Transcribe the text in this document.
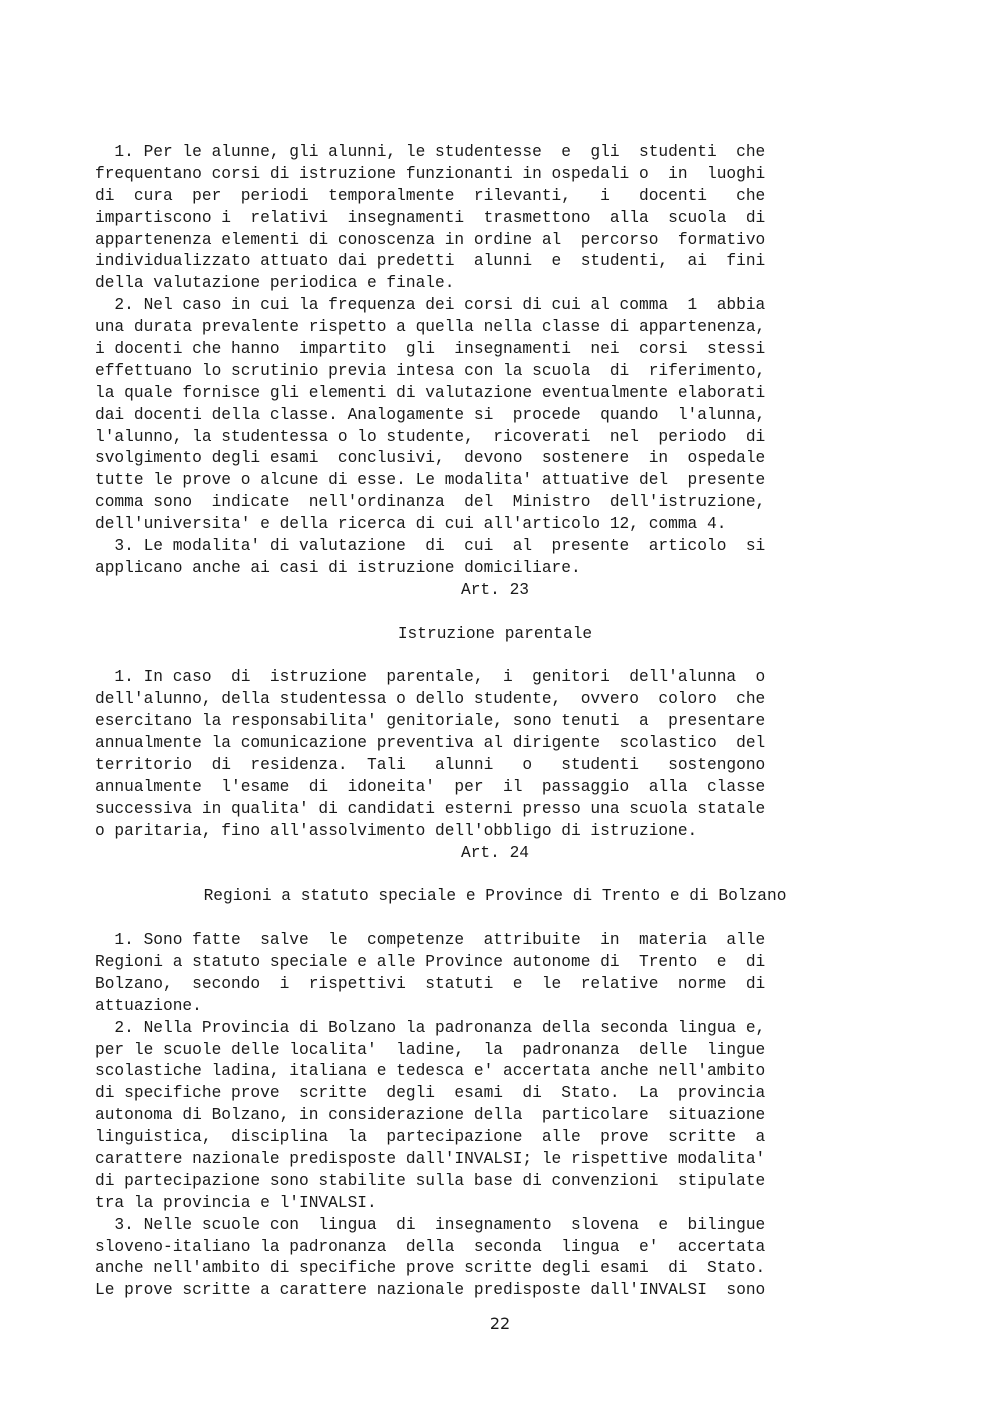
1. Per le alunne, gli alunni, le studentesse  e  gli  studenti  che
frequentano corsi di istruzione funzionanti in ospedali o  in  luoghi
di  cura  per  periodi  temporalmente  rilevanti,   i   docenti   che
impartiscono i  relativi  insegnamenti  trasmettono  alla  scuola  di
appartenenza elementi di conoscenza in ordine al  percorso  formativo
individualizzato attuato dai predetti  alunni  e  studenti,  ai  fini
della valutazione periodica e finale.
2. Nel caso in cui la frequenza dei corsi di cui al comma  1  abbia
una durata prevalente rispetto a quella nella classe di appartenenza,
i docenti che hanno  impartito  gli  insegnamenti  nei  corsi  stessi
effettuano lo scrutinio previa intesa con la scuola  di  riferimento,
la quale fornisce gli elementi di valutazione eventualmente elaborati
dai docenti della classe. Analogamente si  procede  quando  l'alunna,
l'alunno, la studentessa o lo studente,  ricoverati  nel  periodo  di
svolgimento degli esami  conclusivi,  devono  sostenere  in  ospedale
tutte le prove o alcune di esse. Le modalita' attuative del  presente
comma sono  indicate  nell'ordinanza  del  Ministro  dell'istruzione,
dell'universita' e della ricerca di cui all'articolo 12, comma 4.
3. Le modalita' di valutazione  di  cui  al  presente  articolo  si
applicano anche ai casi di istruzione domiciliare.
Art. 23
Istruzione parentale
1. In caso  di  istruzione  parentale,  i  genitori  dell'alunna  o
dell'alunno, della studentessa o dello studente,  ovvero  coloro  che
esercitano la responsabilita' genitoriale, sono tenuti  a  presentare
annualmente la comunicazione preventiva al dirigente  scolastico  del
territorio  di  residenza.  Tali   alunni   o   studenti   sostengono
annualmente  l'esame  di  idoneita'  per  il  passaggio  alla  classe
successiva in qualita' di candidati esterni presso una scuola statale
o paritaria, fino all'assolvimento dell'obbligo di istruzione.
Art. 24
Regioni a statuto speciale e Province di Trento e di Bolzano
1. Sono fatte  salve  le  competenze  attribuite  in  materia  alle
Regioni a statuto speciale e alle Province autonome di  Trento  e  di
Bolzano,  secondo  i  rispettivi  statuti  e  le  relative  norme  di
attuazione.
2. Nella Provincia di Bolzano la padronanza della seconda lingua e,
per le scuole delle localita'  ladine,  la  padronanza  delle  lingue
scolastiche ladina, italiana e tedesca e' accertata anche nell'ambito
di specifiche prove  scritte  degli  esami  di  Stato.  La  provincia
autonoma di Bolzano, in considerazione della  particolare  situazione
linguistica,  disciplina  la  partecipazione  alle  prove  scritte  a
carattere nazionale predisposte dall'INVALSI; le rispettive modalita'
di partecipazione sono stabilite sulla base di convenzioni  stipulate
tra la provincia e l'INVALSI.
3. Nelle scuole con  lingua  di  insegnamento  slovena  e  bilingue
sloveno-italiano la padronanza  della  seconda  lingua  e'  accertata
anche nell'ambito di specifiche prove scritte degli esami  di  Stato.
Le prove scritte a carattere nazionale predisposte dall'INVALSI  sono
22
